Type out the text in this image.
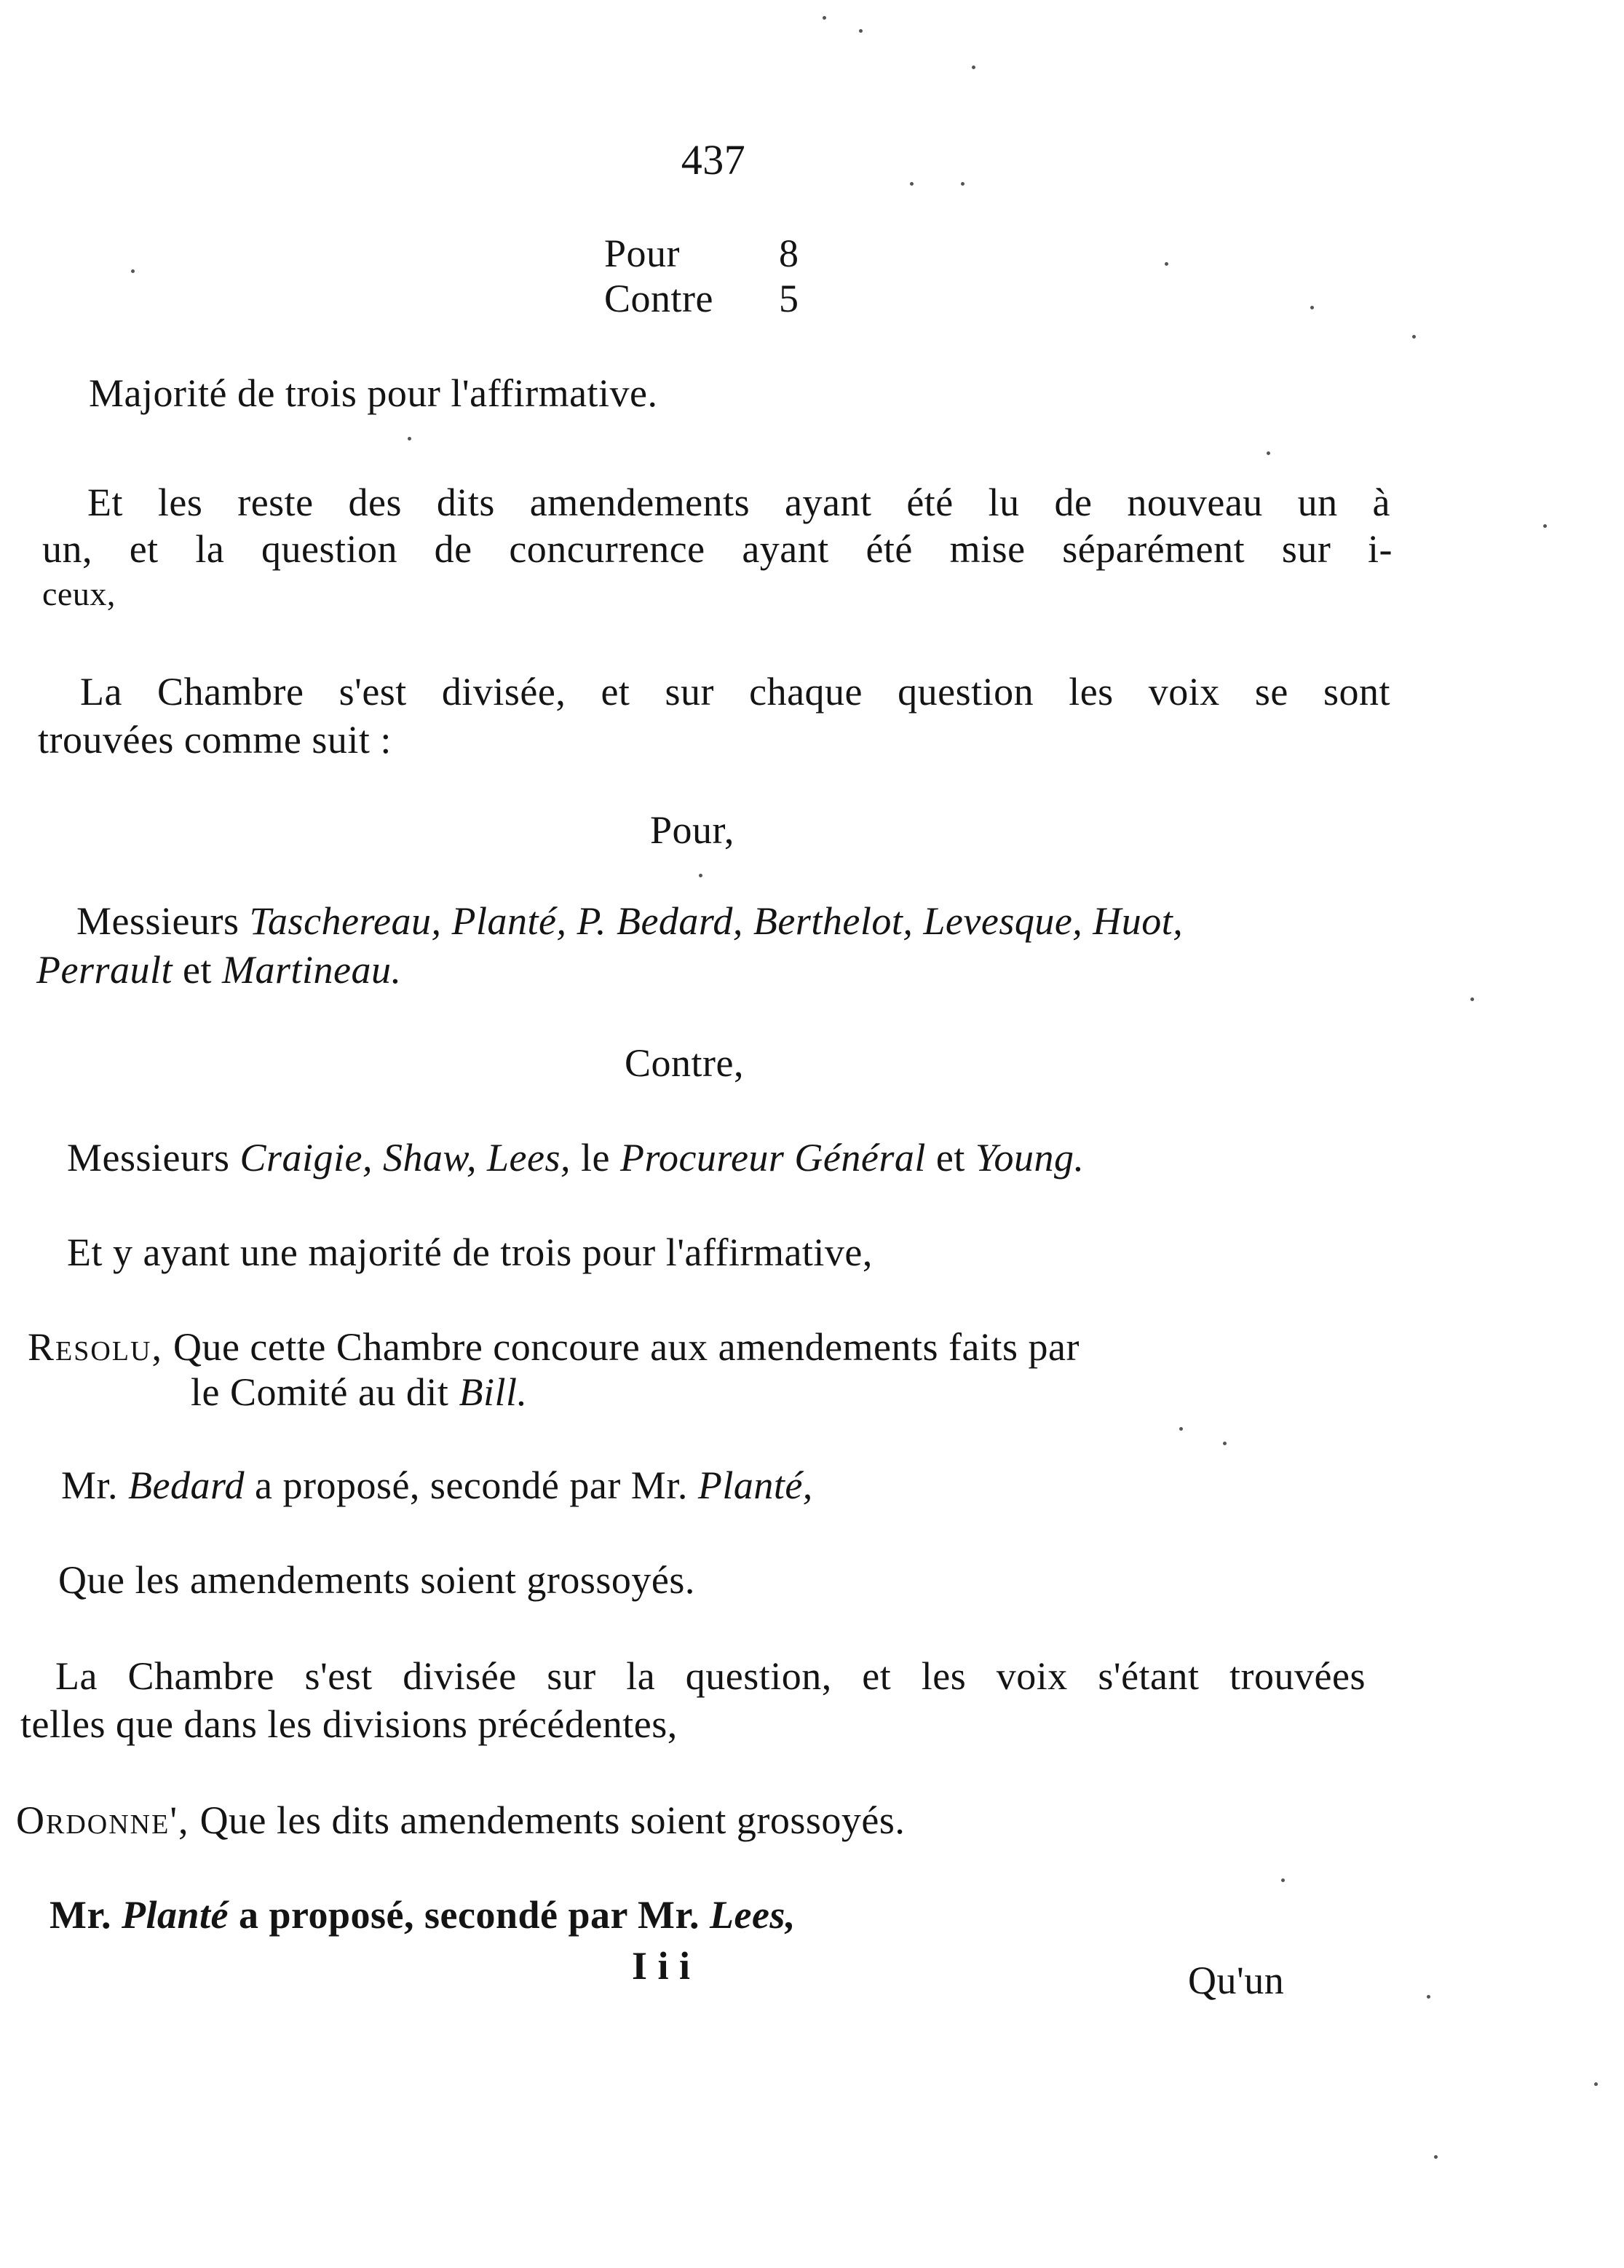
437
Pour	8
Contre 5
Majorité de trois pour l'affirmative.
Et les reste des dits amendements ayant été lu de nouveau un à
un, et la question de concurrence ayant été mise séparément sur i-
ceux,
La Chambre s'est divisée, et sur chaque question les voix se sont
trouvées comme suit :
Pour,
Messieurs Taschereau, Planté, P. Bedard, Berthelot, Levesque, Huot,
Perrault et Martineau.
Contre,
Messieurs Craigie, Shaw, Lees, le Procureur Général et Young.
Et y ayant une majorité de trois pour l'affirmative,
Resolu, Que cette Chambre concoure aux amendements faits par
le Comité au dit Bill.
Mr. Bedard a proposé, secondé par Mr. Planté,
Que les amendements soient grossoyés.
La Chambre s'est divisée sur la question, et les voix s'étant trouvées
telles que dans les divisions précédentes,
Ordonne', Que les dits amendements soient grossoyés.
Mr. Planté a proposé, secondé par Mr. Lees,
I i i	Qu'un
